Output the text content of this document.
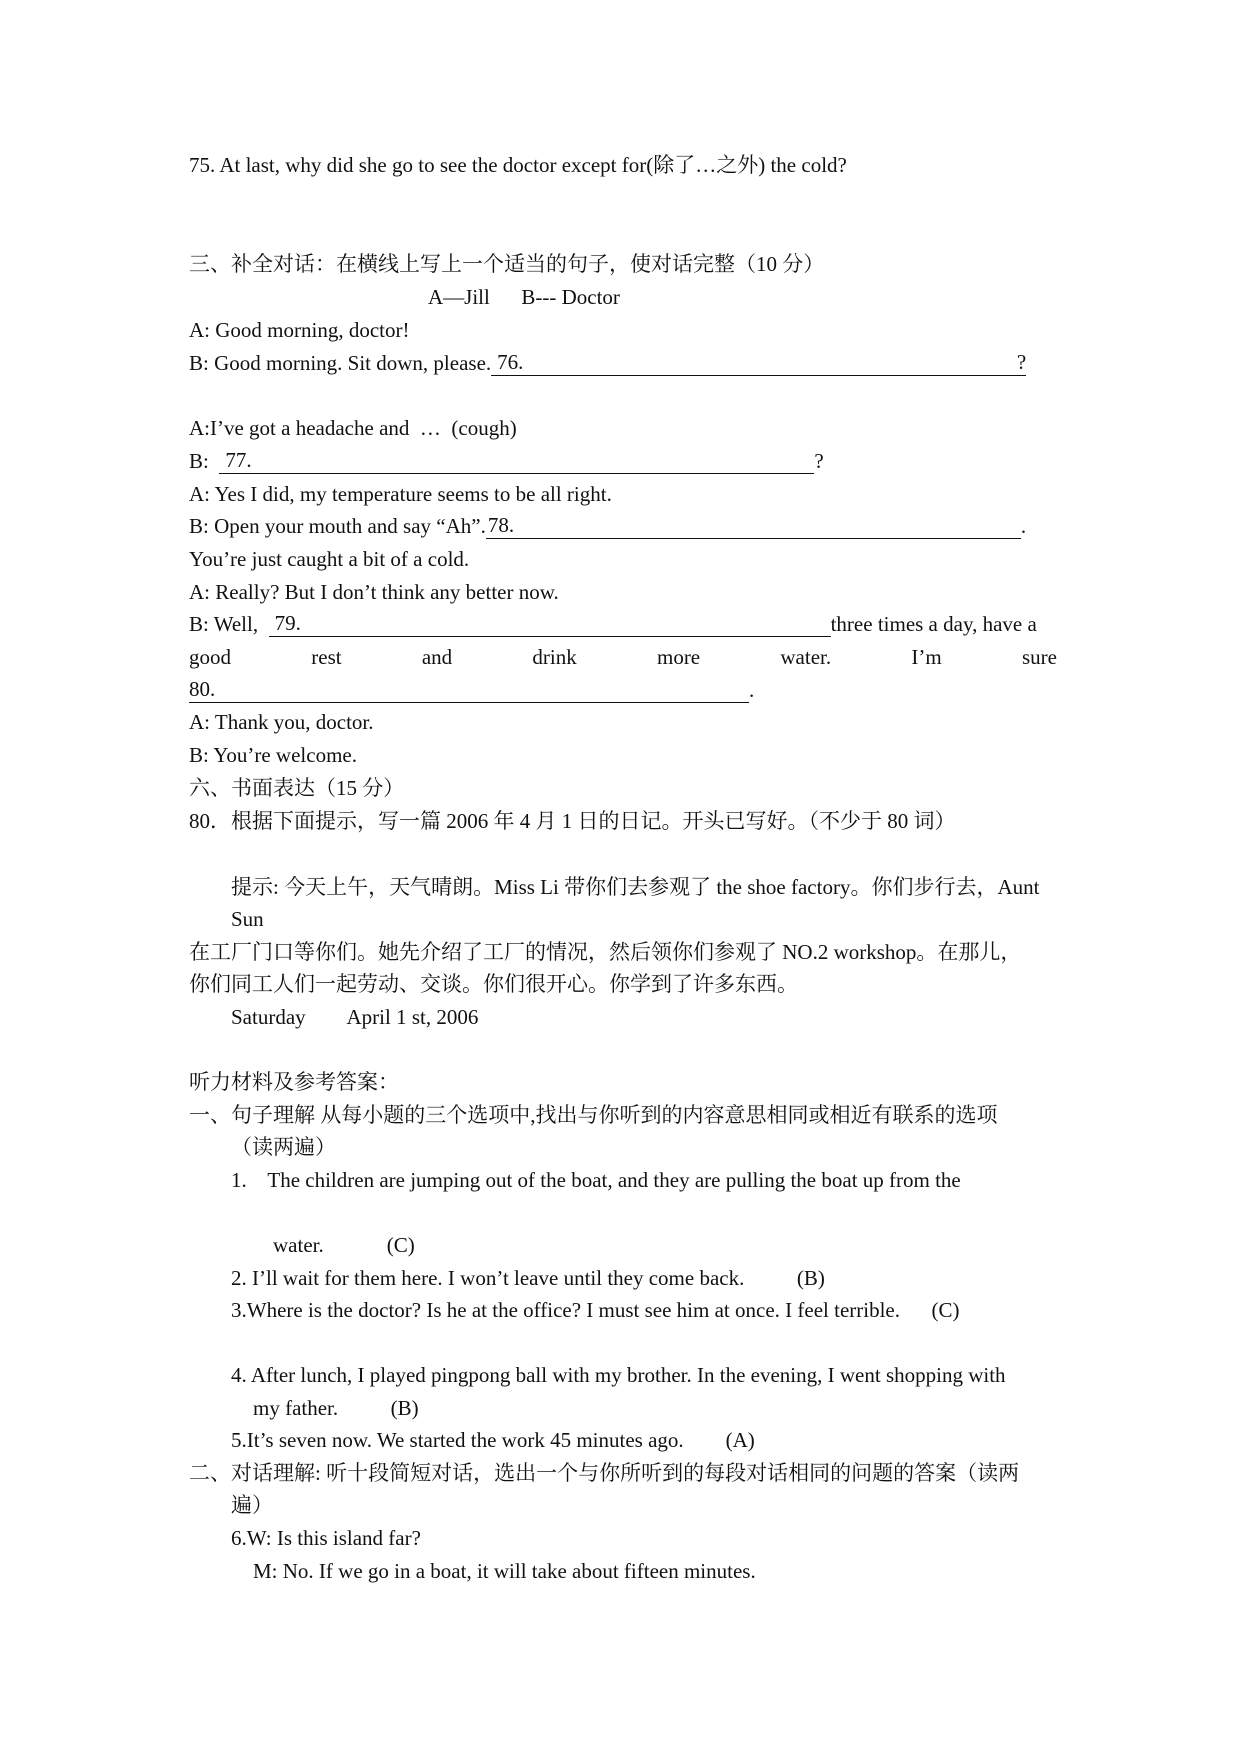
75. At last, why did she go to see the doctor except for(除了…之外) the cold?
三、补全对话：在横线上写上一个适当的句子，使对话完整（10 分）
A—Jill      B--- Doctor
A: Good morning, doctor!
B: Good morning. Sit down, please. 76.	?
A:I’ve got a headache and  …  (cough)
B: 77.	?
A: Yes I did, my temperature seems to be all right.
B: Open your mouth and say “Ah”. 78.	.
You’re just caught a bit of a cold.
A: Really? But I don’t think any better now.
B: Well, 79.	three times a day, have a
good	rest	and	drink	more	water.	I’m	sure
80.	.
A: Thank you, doctor.
B: You’re welcome.
六、书面表达（15 分）
80．根据下面提示，写一篇 2006 年 4 月 1 日的日记。开头已写好。（不少于 80 词）
提示: 今天上午，天气晴朗。Miss Li 带你们去参观了 the shoe factory。你们步行去，Aunt
Sun
在工厂门口等你们。她先介绍了工厂的情况，然后领你们参观了 NO.2 workshop。在那儿，
你们同工人们一起劳动、交谈。你们很开心。你学到了许多东西。
Saturday        April 1 st, 2006
听力材料及参考答案：
一、句子理解 从每小题的三个选项中,找出与你听到的内容意思相同或相近有联系的选项
（读两遍）
1.    The children are jumping out of the boat, and they are pulling the boat up from the
water.            (C)
2. I’ll wait for them here. I won’t leave until they come back.          (B)
3.Where is the doctor? Is he at the office? I must see him at once. I feel terrible.      (C)
4. After lunch, I played pingpong ball with my brother. In the evening, I went shopping with
my father.          (B)
5.It’s seven now. We started the work 45 minutes ago.        (A)
二、对话理解: 听十段简短对话，选出一个与你所听到的每段对话相同的问题的答案（读两
遍）
6.W: Is this island far?
M: No. If we go in a boat, it will take about fifteen minutes.
